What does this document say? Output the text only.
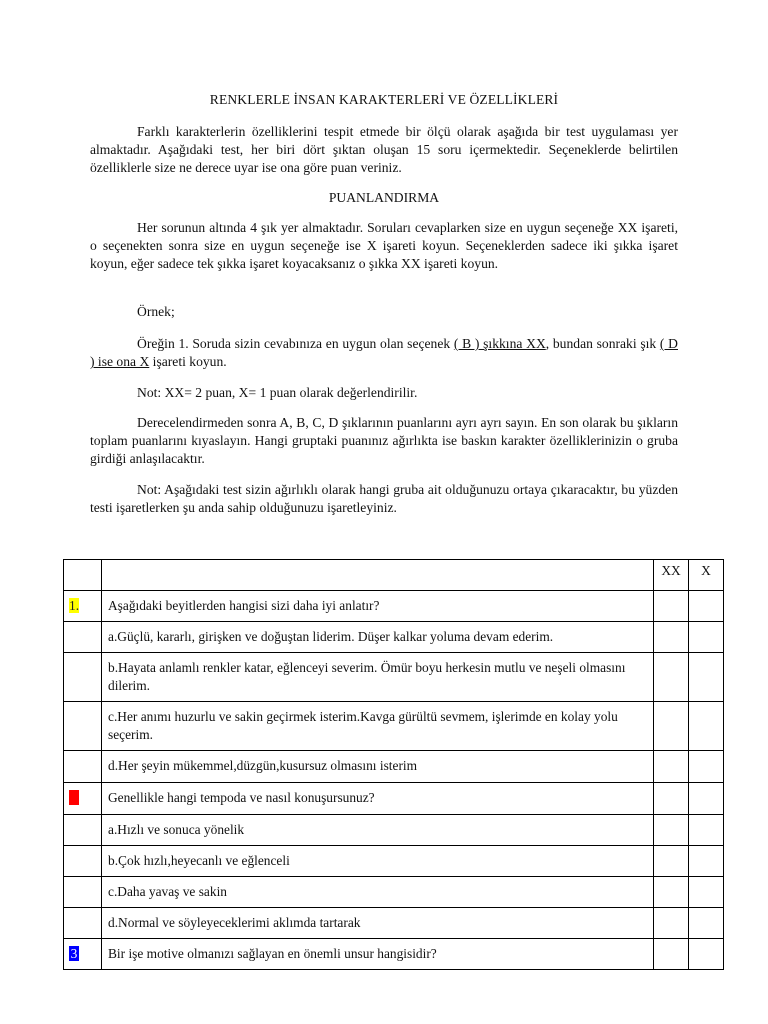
RENKLERLE İNSAN KARAKTERLERİ VE ÖZELLİKLERİ

Farklı karakterlerin özelliklerini tespit etmede bir ölçü olarak aşağıda bir test uygulaması yer almaktadır. Aşağıdaki test, her biri dört şıktan oluşan 15 soru içermektedir. Seçeneklerde belirtilen özelliklerle size ne derece uyar ise ona göre puan veriniz.

PUANLANDIRMA

Her sorunun altında 4 şık yer almaktadır. Soruları cevaplarken size en uygun seçeneğe XX işareti, o seçenekten sonra size en uygun seçeneğe ise X işareti koyun. Seçeneklerden sadece iki şıkka işaret koyun, eğer sadece tek şıkka işaret koyacaksanız o şıkka XX işareti koyun.

Örnek;

Öreğin 1. Soruda sizin cevabınıza en uygun olan seçenek ( B ) şıkkına XX, bundan sonraki şık ( D ) ise ona X işareti koyun.

Not: XX= 2 puan, X= 1 puan olarak değerlendirilir.

Derecelendirmeden sonra A, B, C, D şıklarının puanlarını ayrı ayrı sayın. En son olarak bu şıkların toplam puanlarını kıyaslayın. Hangi gruptaki puanınız ağırlıkta ise baskın karakter özelliklerinizin o gruba girdiği anlaşılacaktır.

Not: Aşağıdaki test sizin ağırlıklı olarak hangi gruba ait olduğunuzu ortaya çıkaracaktır, bu yüzden testi işaretlerken şu anda sahip olduğunuzu işaretleyiniz.

		XX	X
1.	Aşağıdaki beyitlerden hangisi sizi daha iyi anlatır?		
	a.Güçlü, kararlı, girişken ve doğuştan liderim. Düşer kalkar yoluma devam ederim.		
	b.Hayata anlamlı renkler katar, eğlenceyi severim. Ömür boyu herkesin mutlu ve neşeli olmasını dilerim.		
	c.Her anımı huzurlu ve sakin geçirmek isterim.Kavga gürültü sevmem, işlerimde en kolay yolu seçerim.		
	d.Her şeyin mükemmel,düzgün,kusursuz olmasını isterim		
2	Genellikle hangi tempoda ve nasıl konuşursunuz?		
	a.Hızlı ve sonuca yönelik		
	b.Çok hızlı,heyecanlı ve eğlenceli		
	c.Daha yavaş ve sakin		
	d.Normal ve söyleyeceklerimi aklımda tartarak		
3	Bir işe motive olmanızı sağlayan en önemli unsur hangisidir?		
